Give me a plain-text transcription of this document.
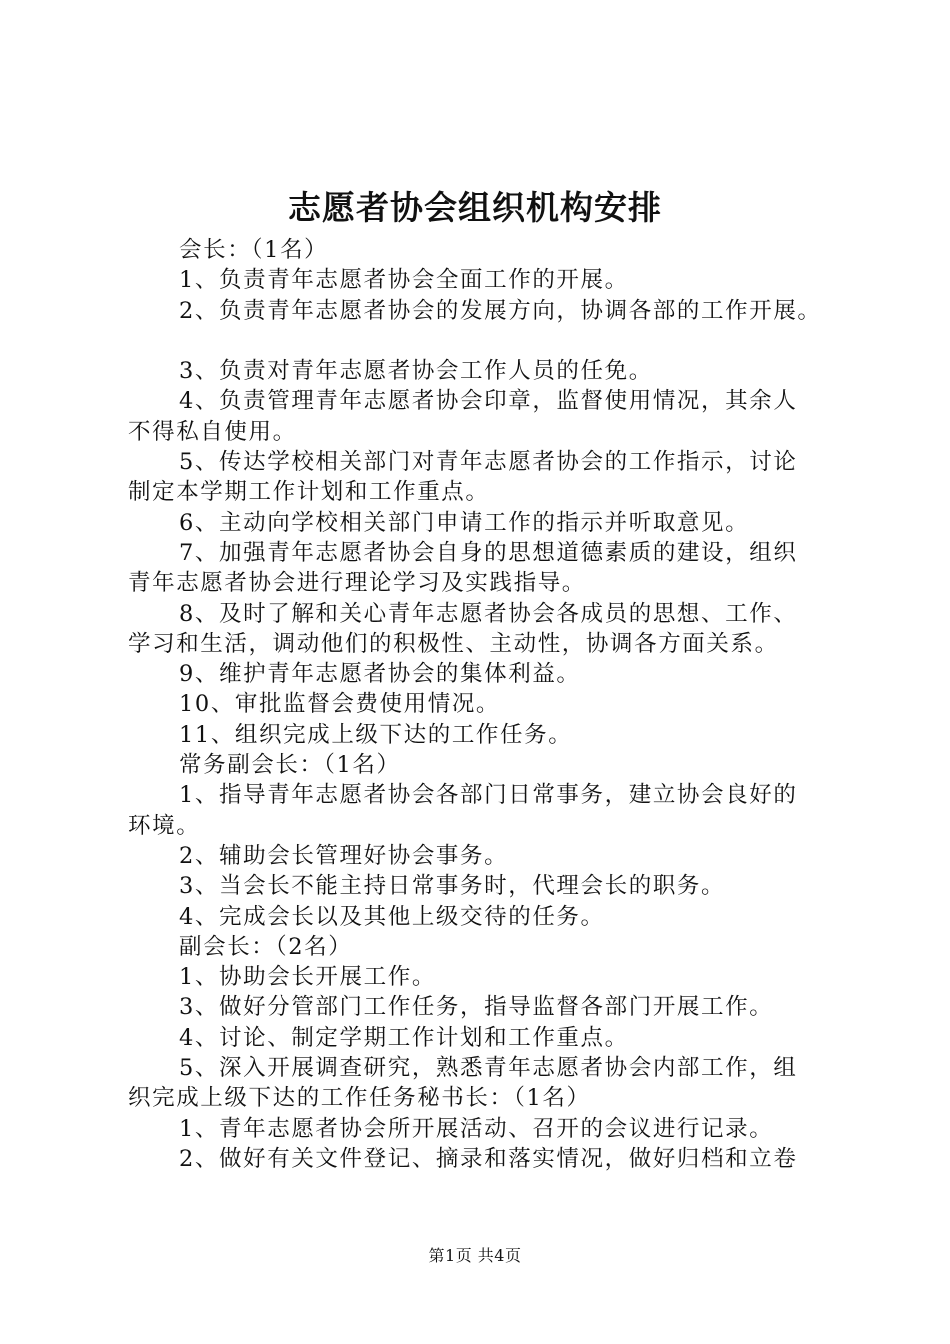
志愿者协会组织机构安排
会长：（1名）
1、负责青年志愿者协会全面工作的开展。
2、负责青年志愿者协会的发展方向，协调各部的工作开展。
3、负责对青年志愿者协会工作人员的任免。
4、负责管理青年志愿者协会印章，监督使用情况，其余人
不得私自使用。
5、传达学校相关部门对青年志愿者协会的工作指示，讨论
制定本学期工作计划和工作重点。
6、主动向学校相关部门申请工作的指示并听取意见。
7、加强青年志愿者协会自身的思想道德素质的建设，组织
青年志愿者协会进行理论学习及实践指导。
8、及时了解和关心青年志愿者协会各成员的思想、工作、
学习和生活，调动他们的积极性、主动性，协调各方面关系。
9、维护青年志愿者协会的集体利益。
10、审批监督会费使用情况。
11、组织完成上级下达的工作任务。
常务副会长：（1名）
1、指导青年志愿者协会各部门日常事务，建立协会良好的
环境。
2、辅助会长管理好协会事务。
3、当会长不能主持日常事务时，代理会长的职务。
4、完成会长以及其他上级交待的任务。
副会长：（2名）
1、协助会长开展工作。
3、做好分管部门工作任务，指导监督各部门开展工作。
4、讨论、制定学期工作计划和工作重点。
5、深入开展调查研究，熟悉青年志愿者协会内部工作，组
织完成上级下达的工作任务秘书长：（1名）
1、青年志愿者协会所开展活动、召开的会议进行记录。
2、做好有关文件登记、摘录和落实情况，做好归档和立卷
第1页 共4页
